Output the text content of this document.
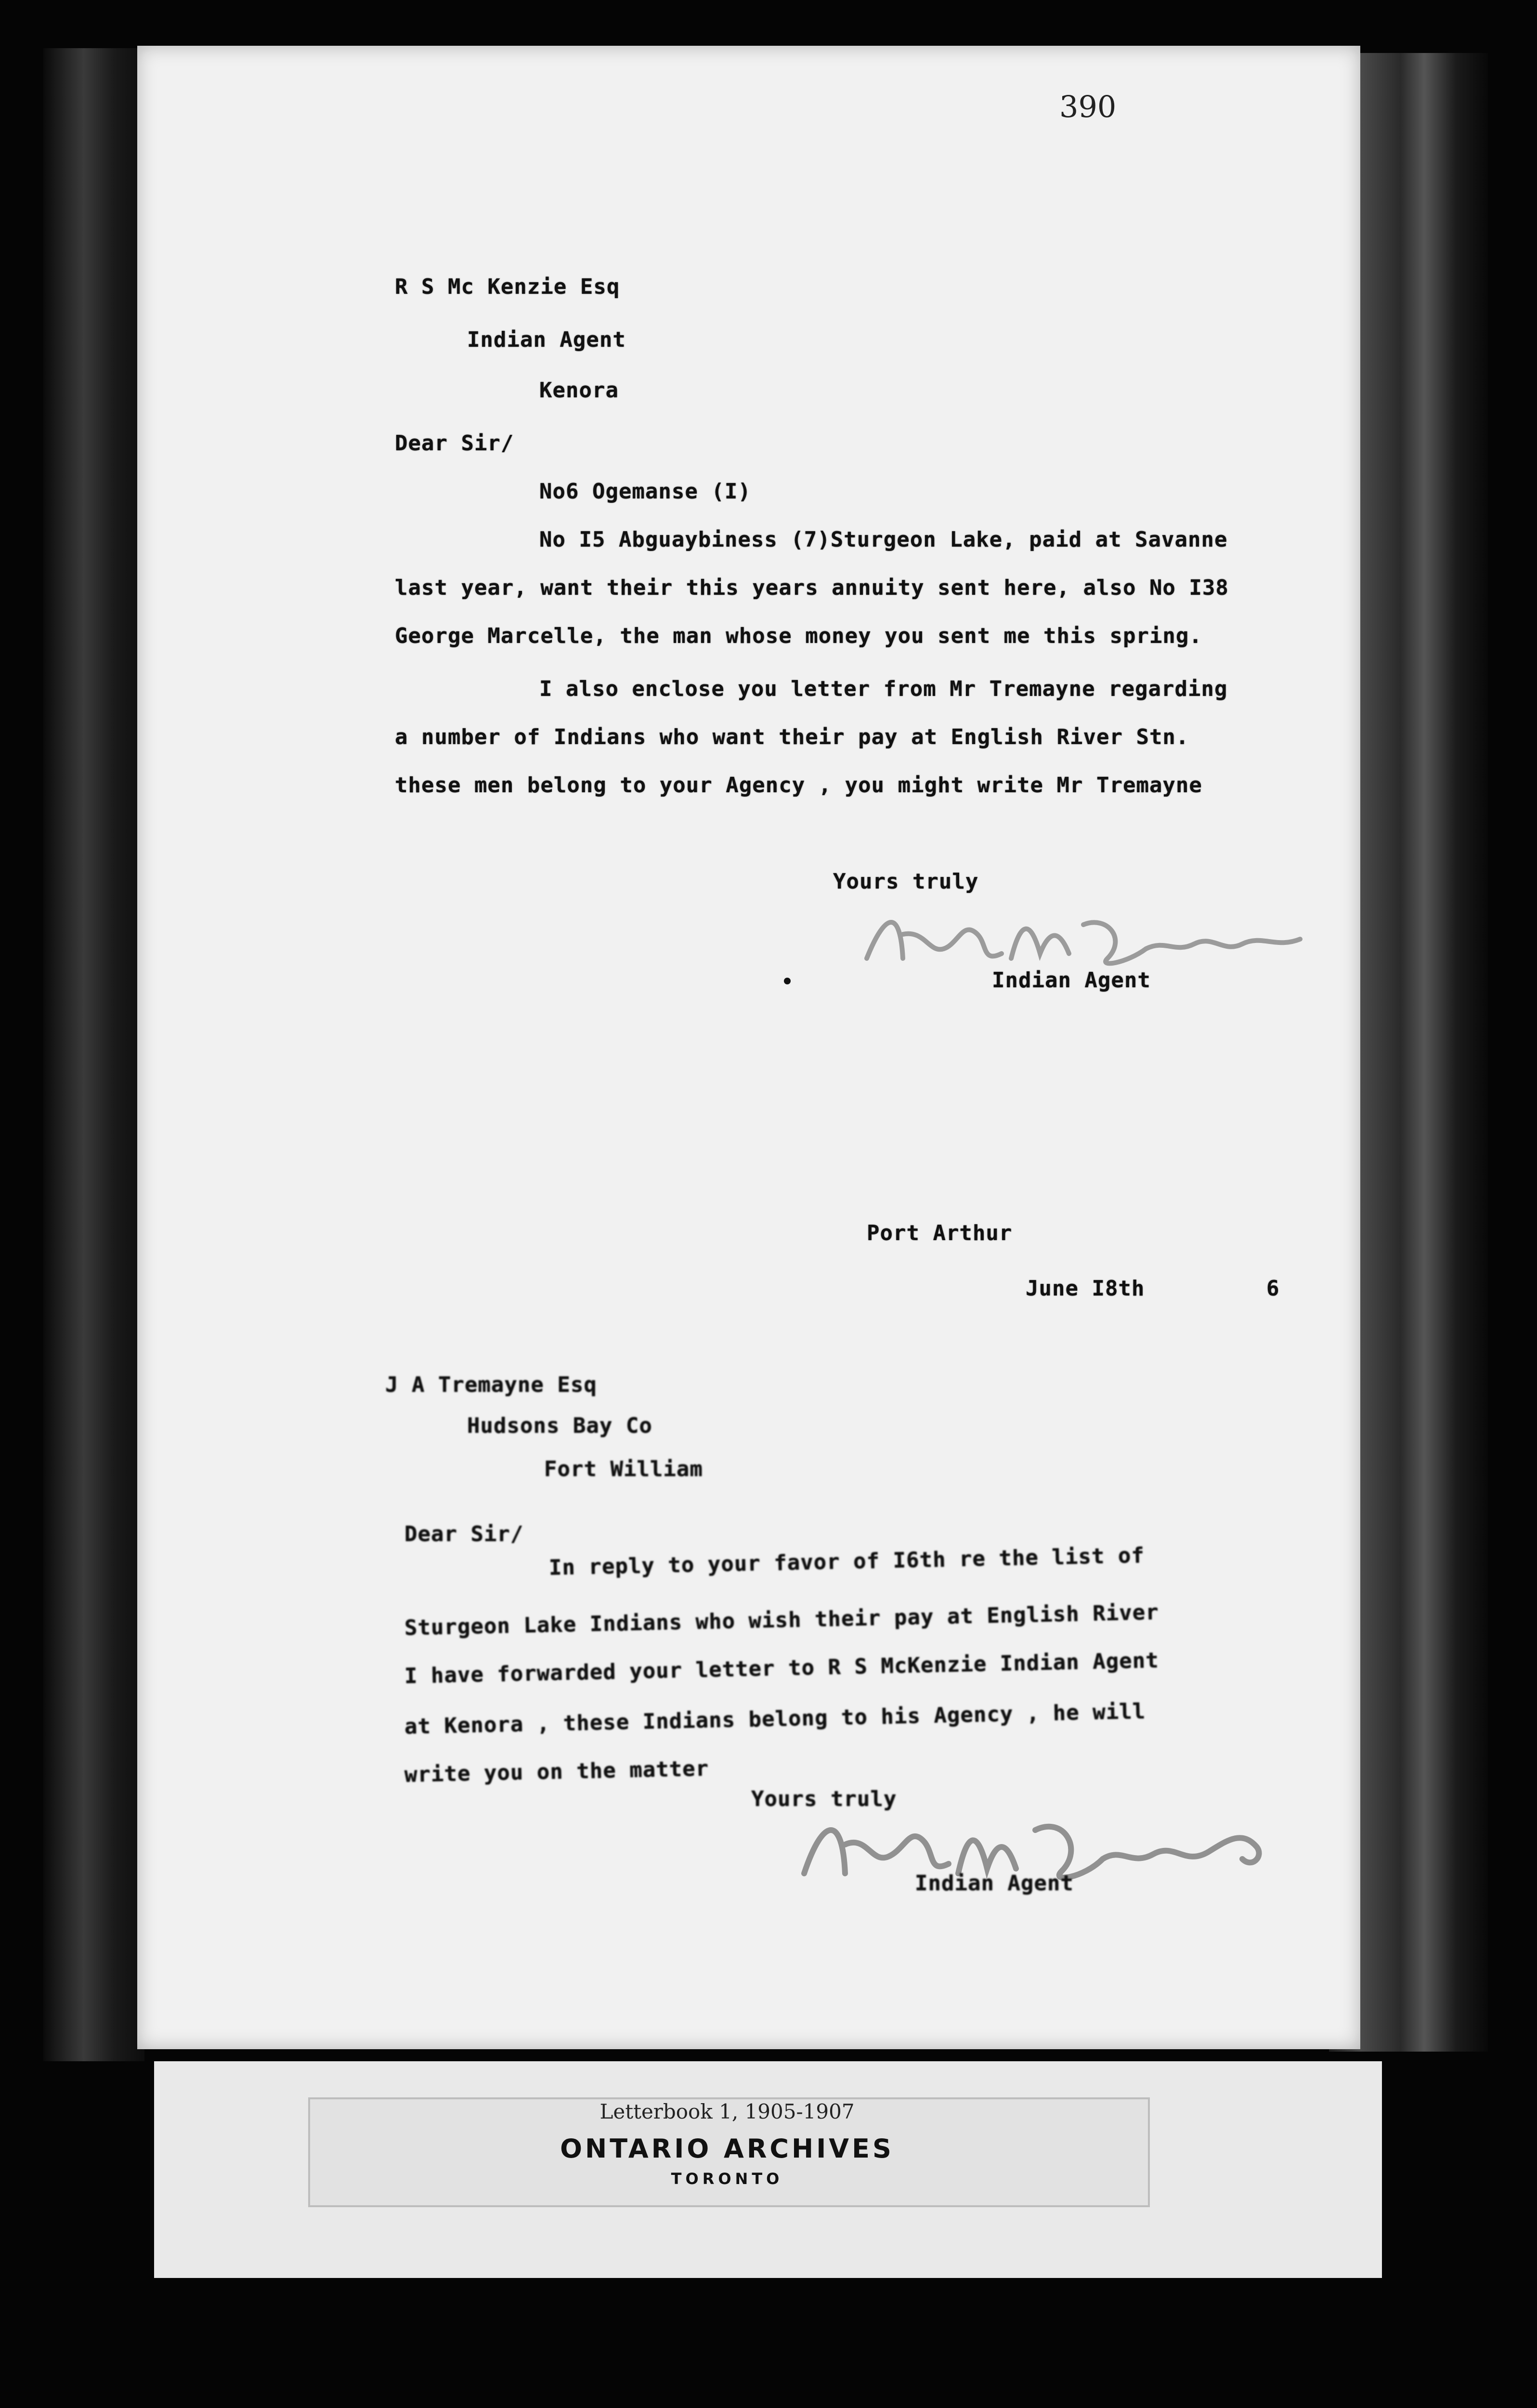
390
R S Mc Kenzie Esq
Indian Agent
Kenora
Dear Sir/
No6 Ogemanse (I)
No I5 Abguaybiness (7)Sturgeon Lake, paid at Savanne
last year, want their this years annuity sent here, also No I38
George Marcelle, the man whose money you sent me this spring.
I also enclose you letter from Mr Tremayne regarding
a number of Indians who want their pay at English River Stn.
these men belong to your Agency , you might write Mr Tremayne
Yours truly
Indian Agent
Port Arthur
June I8th	6
J A Tremayne Esq
Hudsons Bay Co
Fort William
Dear Sir/
In reply to your favor of I6th re the list of
Sturgeon Lake Indians who wish their pay at English River
I have forwarded your letter to R S McKenzie Indian Agent
at Kenora , these Indians belong to his Agency , he will
write you on the matter
Yours truly
Indian Agent
Letterbook 1, 1905-1907
ONTARIO ARCHIVES
TORONTO
